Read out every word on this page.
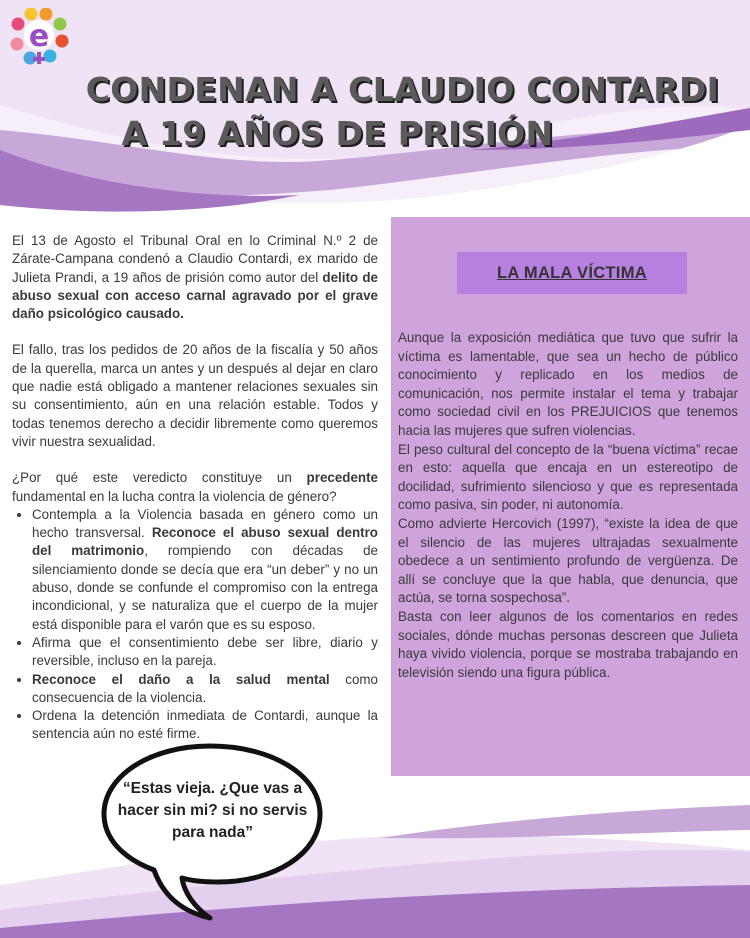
e
CONDENAN A CLAUDIO CONTARDI
A 19 AÑOS DE PRISIÓN

El 13 de Agosto el Tribunal Oral en lo Criminal N.º 2 de Zárate-Campana condenó a Claudio Contardi, ex marido de Julieta Prandi, a 19 años de prisión como autor del delito de abuso sexual con acceso carnal agravado por el grave daño psicológico causado.

El fallo, tras los pedidos de 20 años de la fiscalía y 50 años de la querella, marca un antes y un después al dejar en claro que nadie está obligado a mantener relaciones sexuales sin su consentimiento, aún en una relación estable. Todos y todas tenemos derecho a decidir libremente como queremos vivir nuestra sexualidad.

¿Por qué este veredicto constituye un precedente fundamental en la lucha contra la violencia de género?

• Contempla a la Violencia basada en género como un hecho transversal. Reconoce el abuso sexual dentro del matrimonio, rompiendo con décadas de silenciamiento donde se decía que era “un deber” y no un abuso, donde se confunde el compromiso con la entrega incondicional, y se naturaliza que el cuerpo de la mujer está disponible para el varón que es su esposo.
• Afirma que el consentimiento debe ser libre, diario y reversible, incluso en la pareja.
• Reconoce el daño a la salud mental como consecuencia de la violencia.
• Ordena la detención inmediata de Contardi, aunque la sentencia aún no esté firme.
LA MALA VÍCTIMA

Aunque la exposición mediática que tuvo que sufrir la víctima es lamentable, que sea un hecho de público conocimiento y replicado en los medios de comunicación, nos permite instalar el tema y trabajar como sociedad civil en los PREJUICIOS que tenemos hacia las mujeres que sufren violencias.

El peso cultural del concepto de la “buena víctima” recae en esto: aquella que encaja en un estereotipo de docilidad, sufrimiento silencioso y que es representada como pasiva, sin poder, ni autonomía.

Como advierte Hercovich (1997), “existe la idea de que el silencio de las mujeres ultrajadas sexualmente obedece a un sentimiento profundo de vergüenza. De allí se concluye que la que habla, que denuncia, que actúa, se torna sospechosa”.

Basta con leer algunos de los comentarios en redes sociales, dónde muchas personas descreen que Julieta haya vivido violencia, porque se mostraba trabajando en televisión siendo una figura pública.

“Estas vieja. ¿Que vas a
hacer sin mi? si no servis
para nada”
